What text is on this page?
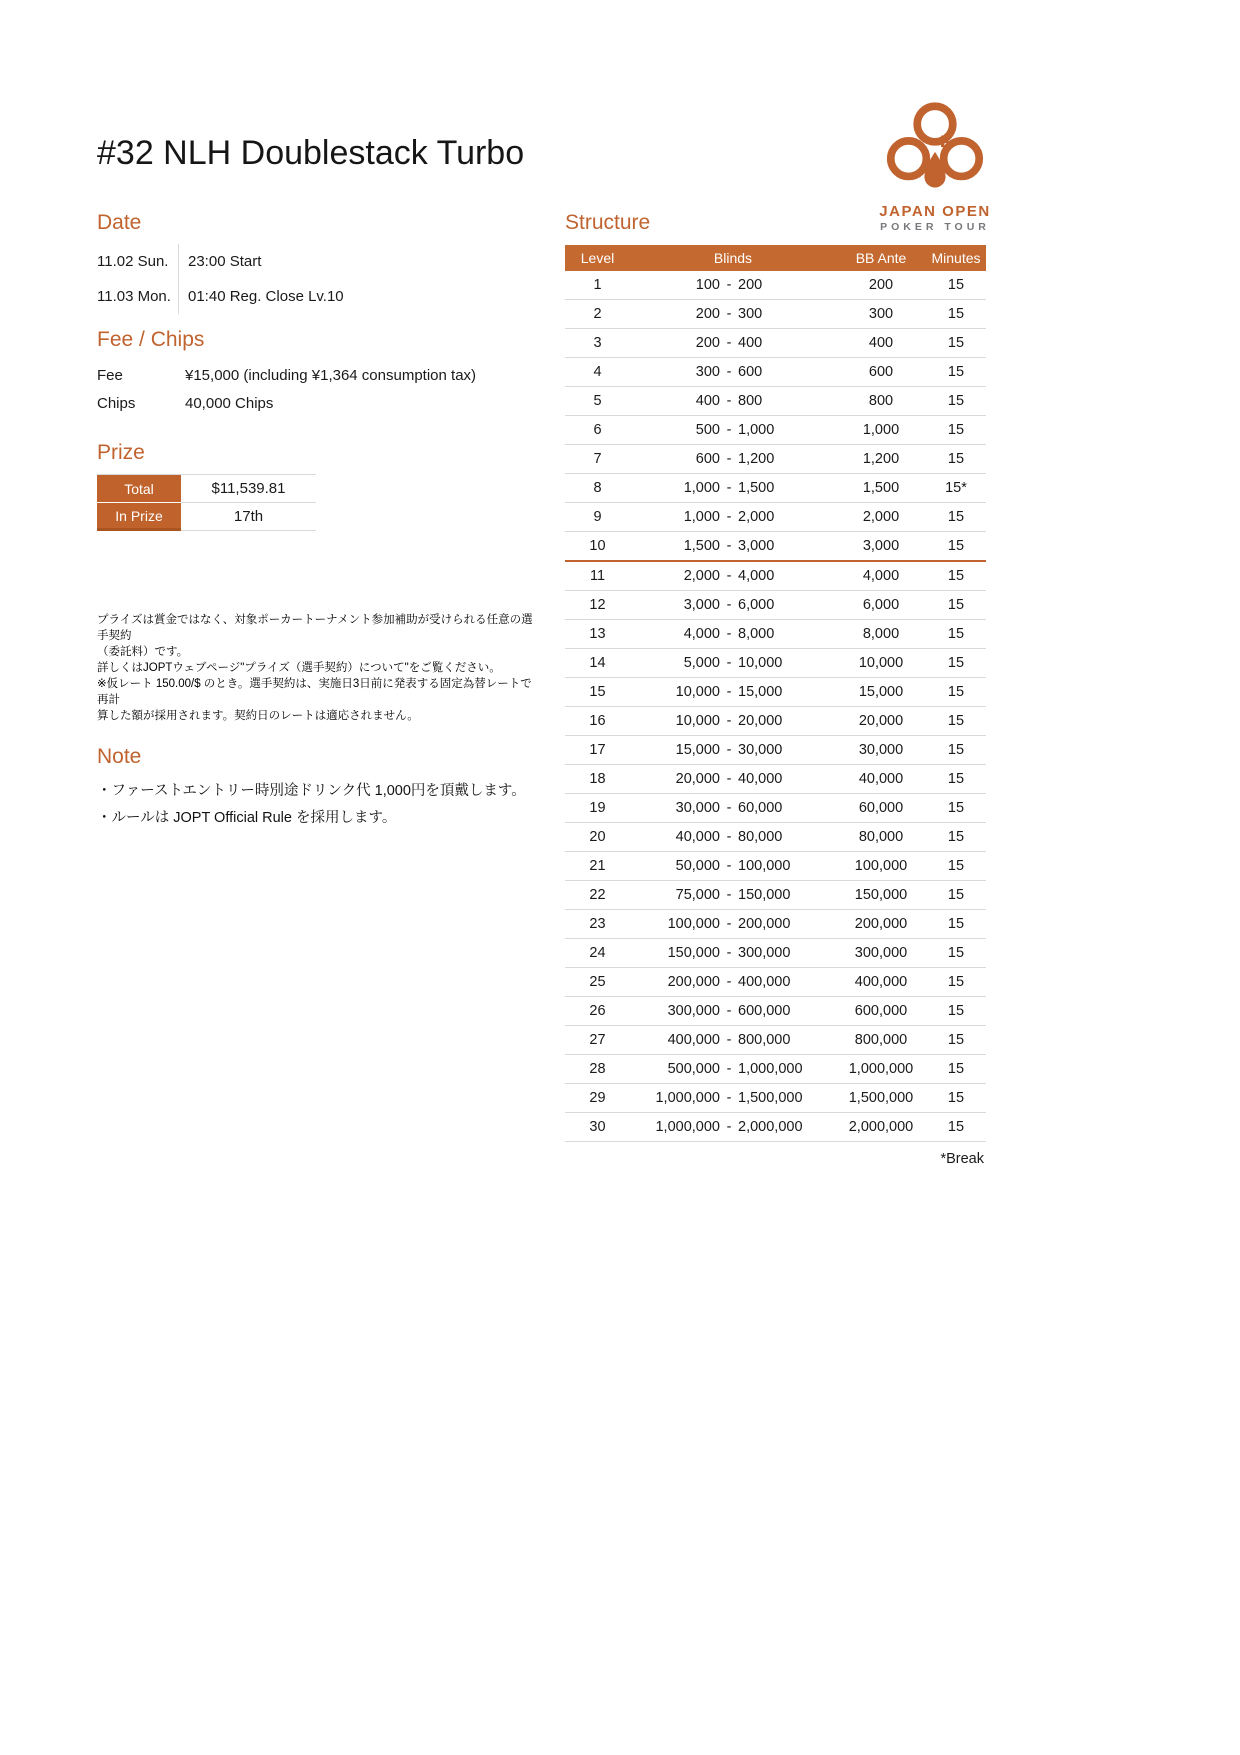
#32 NLH Doublestack Turbo
JAPAN OPEN
POKER TOUR
Date
11.02 Sun.	23:00 Start
11.03 Mon.	01:40 Reg. Close Lv.10
Fee / Chips
Fee	¥15,000 (including ¥1,364 consumption tax)
Chips	40,000 Chips
Prize
Total	$11,539.81
In Prize	17th
プライズは賞金ではなく、対象ポーカートーナメント参加補助が受けられる任意の選手契約
（委託料）です。
詳しくはJOPTウェブページ"プライズ（選手契約）について"をご覧ください。
※仮レート 150.00/$ のとき。選手契約は、実施日3日前に発表する固定為替レートで再計
算した額が採用されます。契約日のレートは適応されません。
Note
・ファーストエントリー時別途ドリンク代 1,000円を頂戴します。
・ルールは JOPT Official Rule を採用します。
Structure
Level	Blinds	BB Ante	Minutes
1	100 - 200	200	15
2	200 - 300	300	15
3	200 - 400	400	15
4	300 - 600	600	15
5	400 - 800	800	15
6	500 - 1,000	1,000	15
7	600 - 1,200	1,200	15
8	1,000 - 1,500	1,500	15*
9	1,000 - 2,000	2,000	15
10	1,500 - 3,000	3,000	15
11	2,000 - 4,000	4,000	15
12	3,000 - 6,000	6,000	15
13	4,000 - 8,000	8,000	15
14	5,000 - 10,000	10,000	15
15	10,000 - 15,000	15,000	15
16	10,000 - 20,000	20,000	15
17	15,000 - 30,000	30,000	15
18	20,000 - 40,000	40,000	15
19	30,000 - 60,000	60,000	15
20	40,000 - 80,000	80,000	15
21	50,000 - 100,000	100,000	15
22	75,000 - 150,000	150,000	15
23	100,000 - 200,000	200,000	15
24	150,000 - 300,000	300,000	15
25	200,000 - 400,000	400,000	15
26	300,000 - 600,000	600,000	15
27	400,000 - 800,000	800,000	15
28	500,000 - 1,000,000	1,000,000	15
29	1,000,000 - 1,500,000	1,500,000	15
30	1,000,000 - 2,000,000	2,000,000	15
*Break
